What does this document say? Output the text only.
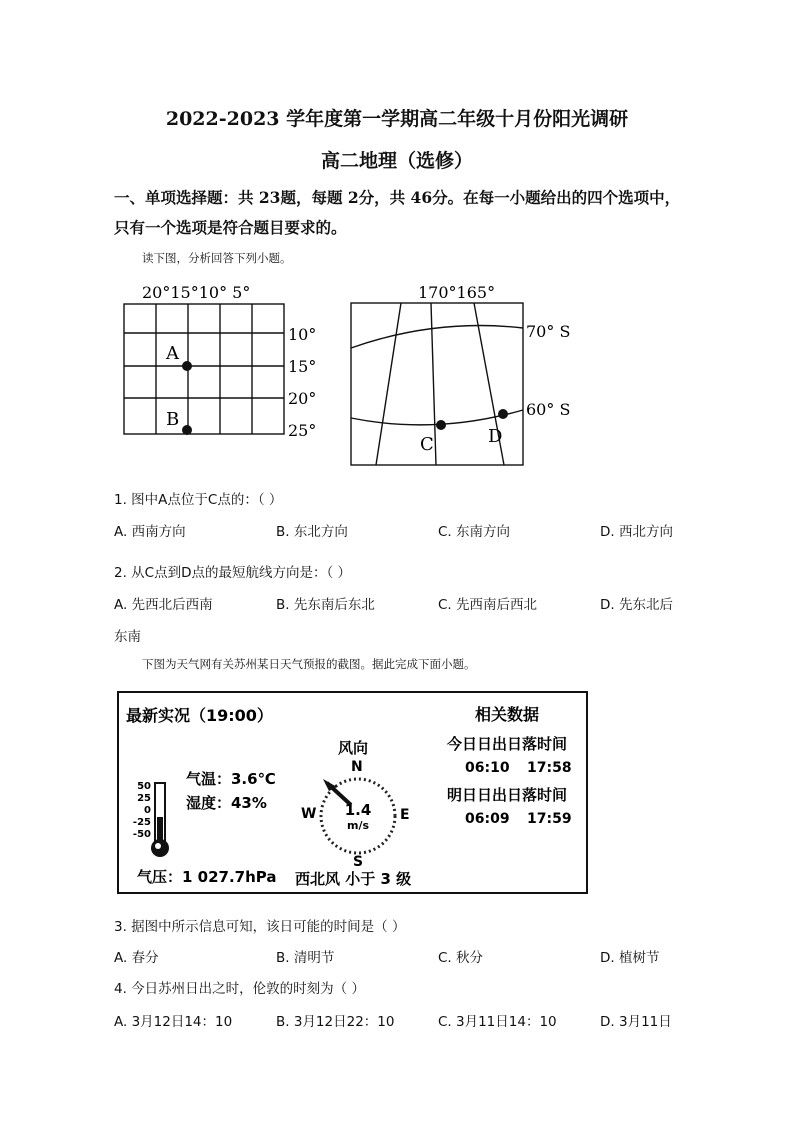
2022-2023 学年度第一学期高二年级十月份阳光调研
高二地理（选修）
一、单项选择题：共 23题，每题 2分，共 46分。在每一小题给出的四个选项中，
只有一个选项是符合题目要求的。
读下图，分析回答下列小题。
20°15°10° 5°
10°
15°
20°
25°
A
B
170°165°
70° S
60° S
C	D
1. 图中A点位于C点的：（ ）
A. 西南方向	B. 东北方向	C. 东南方向	D. 西北方向
2. 从C点到D点的最短航线方向是：（ ）
A. 先西北后西南	B. 先东南后东北	C. 先西南后西北	D. 先东北后
东南
下图为天气网有关苏州某日天气预报的截图。据此完成下面小题。
最新实况（19:00）	相关数据
50
25
0
-25
-50
气温：3.6℃
湿度：43%
气压：1 027.7hPa
风向
N
E
S
W 1.4
m/s
西北风 小于 3 级
今日日出日落时间
06:10 17:58
明日日出日落时间
06:09 17:59
3. 据图中所示信息可知，该日可能的时间是（ ）
A. 春分	B. 清明节	C. 秋分	D. 植树节
4. 今日苏州日出之时，伦敦的时刻为（ ）
A. 3月12日14：10	B. 3月12日22：10	C. 3月11日14：10	D. 3月11日
